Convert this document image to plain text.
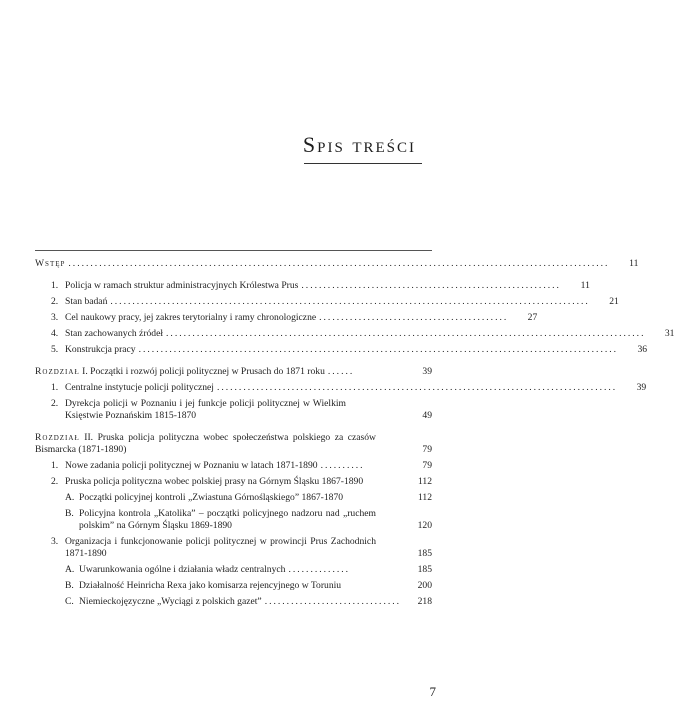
Spis treści
Wstęp ...........................................................................................................................	11
1. Policja w ramach struktur administracyjnych Królestwa Prus ...........................................................	11
2. Stan badań .............................................................................................................	21
3. Cel naukowy pracy, jej zakres terytorialny i ramy chronologiczne ...........................................	27
4. Stan zachowanych źródeł .............................................................................................................	31
5. Konstrukcja pracy .............................................................................................................	36
Rozdział I. Początki i rozwój policji politycznej w Prusach do 1871 roku ......	39
1. Centralne instytucje policji politycznej ...........................................................................................	39
2. Dyrekcja policji w Poznaniu i jej funkcje policji politycznej w Wielkim Księstwie Poznańskim 1815-1870	49
Rozdział II. Pruska policja polityczna wobec społeczeństwa polskiego za czasów Bismarcka (1871-1890)	79
1. Nowe zadania policji politycznej w Poznaniu w latach 1871-1890 ..........	79
2. Pruska policja polityczna wobec polskiej prasy na Górnym Śląsku 1867-1890	112
A. Początki policyjnej kontroli „Zwiastuna Górnośląskiego” 1867-1870	112
B. Policyjna kontrola „Katolika” – początki policyjnego nadzoru nad „ruchem polskim” na Górnym Śląsku 1869-1890	120
3. Organizacja i funkcjonowanie policji politycznej w prowincji Prus Zachodnich 1871-1890	185
A. Uwarunkowania ogólne i działania władz centralnych ..............	185
B. Działalność Heinricha Rexa jako komisarza rejencyjnego w Toruniu	200
C. Niemieckojęzyczne „Wyciągi z polskich gazet” ...............................	218
7
